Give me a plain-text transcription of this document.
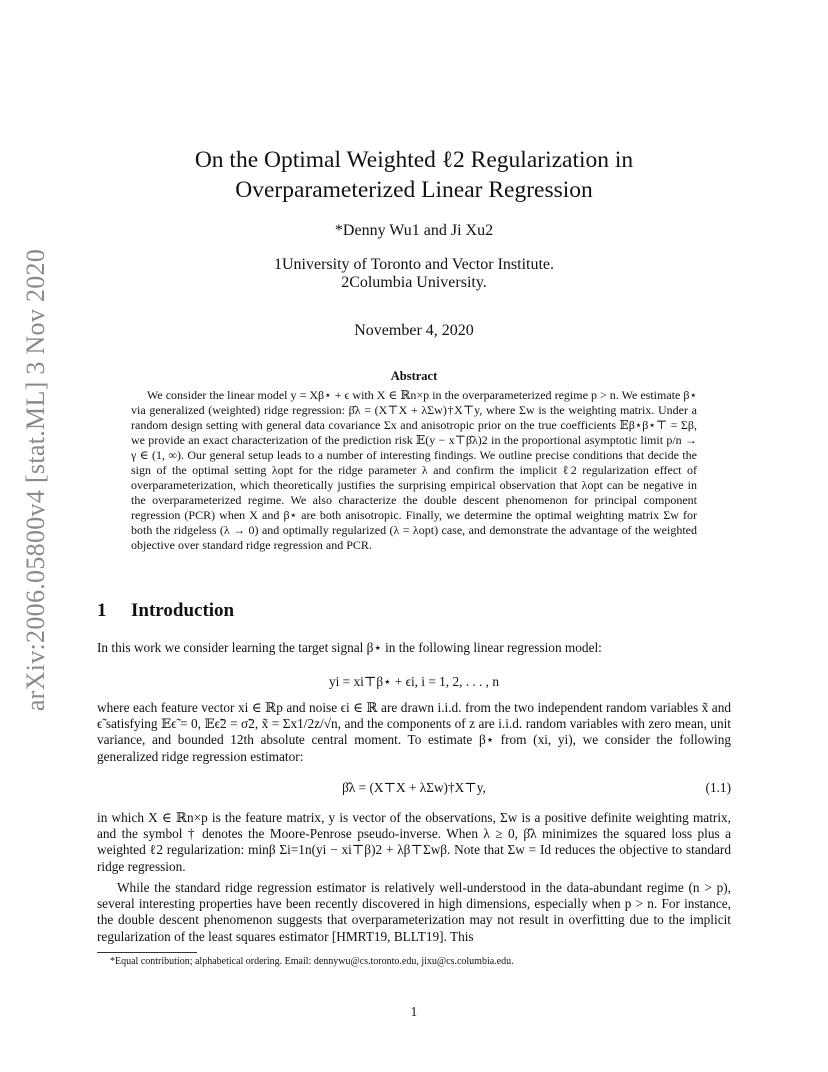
arXiv:2006.05800v4 [stat.ML] 3 Nov 2020
On the Optimal Weighted ℓ2 Regularization in
Overparameterized Linear Regression
*Denny Wu1 and Ji Xu2
1University of Toronto and Vector Institute.
2Columbia University.
November 4, 2020
Abstract

We consider the linear model y = Xβ⋆ + ϵ with X ∈ ℝn×p in the overparameterized regime p > n. We estimate β⋆ via generalized (weighted) ridge regression: β̂λ = (X⊤X + λΣw)†X⊤y, where Σw is the weighting matrix. Under a random design setting with general data covariance Σx and anisotropic prior on the true coefficients 𝔼β⋆β⋆⊤ = Σβ, we provide an exact characterization of the prediction risk 𝔼(y − x⊤β̂λ)2 in the proportional asymptotic limit p/n → γ ∈ (1, ∞). Our general setup leads to a number of interesting findings. We outline precise conditions that decide the sign of the optimal setting λopt for the ridge parameter λ and confirm the implicit ℓ2 regularization effect of overparameterization, which theoretically justifies the surprising empirical observation that λopt can be negative in the overparameterized regime. We also characterize the double descent phenomenon for principal component regression (PCR) when X and β⋆ are both anisotropic. Finally, we determine the optimal weighting matrix Σw for both the ridgeless (λ → 0) and optimally regularized (λ = λopt) case, and demonstrate the advantage of the weighted objective over standard ridge regression and PCR.

1 Introduction

In this work we consider learning the target signal β⋆ in the following linear regression model:

yi = xi⊤β⋆ + ϵi, i = 1, 2, . . . , n

where each feature vector xi ∈ ℝp and noise ϵi ∈ ℝ are drawn i.i.d. from the two independent random variables x̃ and ϵ̃ satisfying 𝔼ϵ̃ = 0, 𝔼ϵ̃2 = σ̃2, x̃ = Σx1/2z/√n, and the components of z are i.i.d. random variables with zero mean, unit variance, and bounded 12th absolute central moment. To estimate β⋆ from (xi, yi), we consider the following generalized ridge regression estimator:

β̂λ = (X⊤X + λΣw)†X⊤y,	(1.1)

in which X ∈ ℝn×p is the feature matrix, y is vector of the observations, Σw is a positive definite weighting matrix, and the symbol † denotes the Moore-Penrose pseudo-inverse. When λ ≥ 0, β̂λ minimizes the squared loss plus a weighted ℓ2 regularization: minβ Σi=1n(yi − xi⊤β)2 + λβ⊤Σwβ. Note that Σw = Id reduces the objective to standard ridge regression.

While the standard ridge regression estimator is relatively well-understood in the data-abundant regime (n > p), several interesting properties have been recently discovered in high dimensions, especially when p > n. For instance, the double descent phenomenon suggests that overparameterization may not result in overfitting due to the implicit regularization of the least squares estimator [HMRT19, BLLT19]. This

*Equal contribution; alphabetical ordering. Email: dennywu@cs.toronto.edu, jixu@cs.columbia.edu.
1
